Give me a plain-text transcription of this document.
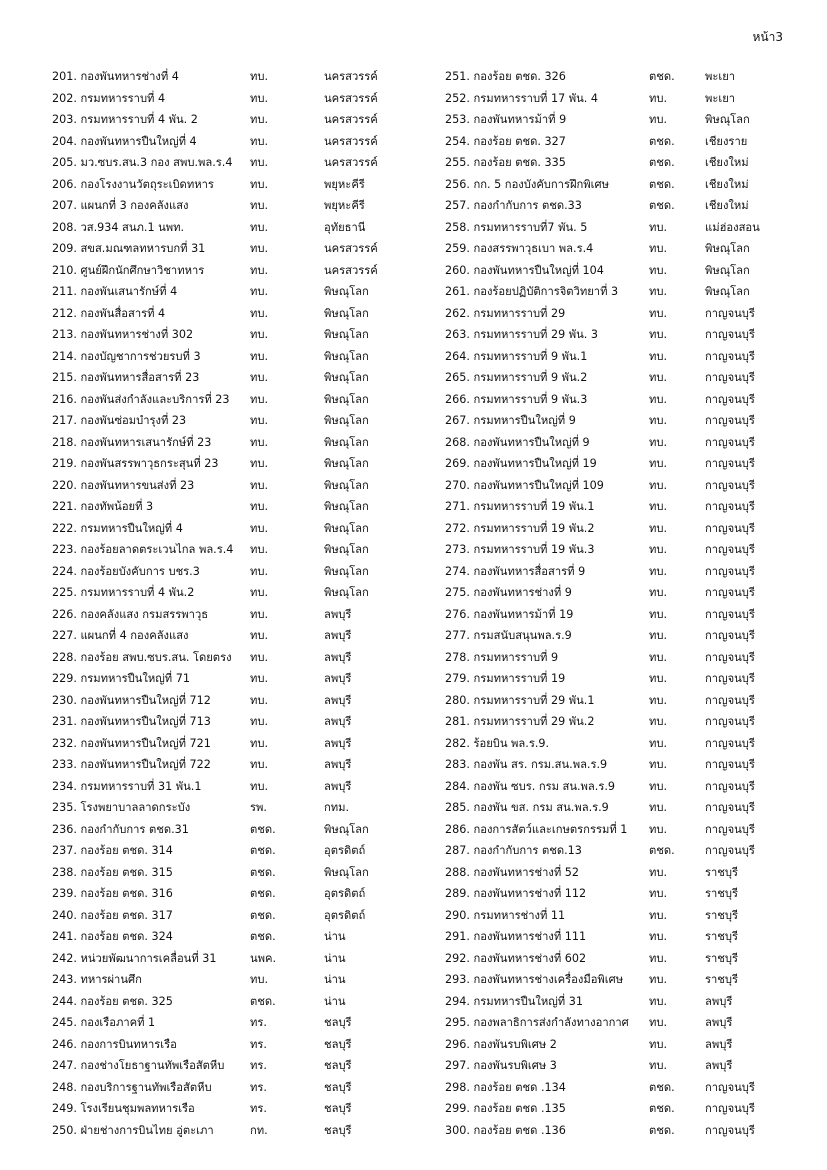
หน้า3
201. กองพันทหารช่างที่ 4	ทบ.	นครสวรรค์
202. กรมทหารราบที่ 4	ทบ.	นครสวรรค์
203. กรมทหารราบที่ 4 พัน. 2	ทบ.	นครสวรรค์
204. กองพันทหารปืนใหญ่ที่ 4	ทบ.	นครสวรรค์
205. มว.ซบร.สน.3 กอง สพบ.พล.ร.4	ทบ.	นครสวรรค์
206. กองโรงงานวัตถุระเบิดทหาร	ทบ.	พยุหะคีรี
207. แผนกที่ 3 กองคลังแสง	ทบ.	พยุหะคีรี
208. วส.934 สนภ.1 นพท.	ทบ.	อุทัยธานี
209. สขส.มณฑลทหารบกที่ 31	ทบ.	นครสวรรค์
210. ศูนย์ฝึกนักศึกษาวิชาทหาร	ทบ.	นครสวรรค์
211. กองพันเสนารักษ์ที่ 4	ทบ.	พิษณุโลก
212. กองพันสื่อสารที่ 4	ทบ.	พิษณุโลก
213. กองพันทหารช่างที่ 302	ทบ.	พิษณุโลก
214. กองบัญชาการช่วยรบที่ 3	ทบ.	พิษณุโลก
215. กองพันทหารสื่อสารที่ 23	ทบ.	พิษณุโลก
216. กองพันส่งกำลังและบริการที่ 23	ทบ.	พิษณุโลก
217. กองพันซ่อมบำรุงที่ 23	ทบ.	พิษณุโลก
218. กองพันทหารเสนารักษ์ที่ 23	ทบ.	พิษณุโลก
219. กองพันสรรพาวุธกระสุนที่ 23	ทบ.	พิษณุโลก
220. กองพันทหารขนส่งที่ 23	ทบ.	พิษณุโลก
221. กองทัพน้อยที่ 3	ทบ.	พิษณุโลก
222. กรมทหารปืนใหญ่ที่ 4	ทบ.	พิษณุโลก
223. กองร้อยลาดตระเวนไกล พล.ร.4	ทบ.	พิษณุโลก
224. กองร้อยบังคับการ บชร.3	ทบ.	พิษณุโลก
225. กรมทหารราบที่ 4 พัน.2	ทบ.	พิษณุโลก
226. กองคลังแสง กรมสรรพาวุธ	ทบ.	ลพบุรี
227. แผนกที่ 4 กองคลังแสง	ทบ.	ลพบุรี
228. กองร้อย สพบ.ซบร.สน. โดยตรง	ทบ.	ลพบุรี
229. กรมทหารปืนใหญ่ที่ 71	ทบ.	ลพบุรี
230. กองพันทหารปืนใหญ่ที่ 712	ทบ.	ลพบุรี
231. กองพันทหารปืนใหญ่ที่ 713	ทบ.	ลพบุรี
232. กองพันทหารปืนใหญ่ที่ 721	ทบ.	ลพบุรี
233. กองพันทหารปืนใหญ่ที่ 722	ทบ.	ลพบุรี
234. กรมทหารราบที่ 31 พัน.1	ทบ.	ลพบุรี
235. โรงพยาบาลลาดกระบัง	รพ.	กทม.
236. กองกำกับการ ตชด.31	ตชด.	พิษณุโลก
237. กองร้อย ตชด. 314	ตชด.	อุตรดิตถ์
238. กองร้อย ตชด. 315	ตชด.	พิษณุโลก
239. กองร้อย ตชด. 316	ตชด.	อุตรดิตถ์
240. กองร้อย ตชด. 317	ตชด.	อุตรดิตถ์
241. กองร้อย ตชด. 324	ตชด.	น่าน
242. หน่วยพัฒนาการเคลื่อนที่ 31	นพค.	น่าน
243. ทหารผ่านศึก	ทบ.	น่าน
244. กองร้อย ตชด. 325	ตชด.	น่าน
245. กองเรือภาคที่ 1	ทร.	ชลบุรี
246. กองการบินทหารเรือ	ทร.	ชลบุรี
247. กองช่างโยธาฐานทัพเรือสัตหีบ	ทร.	ชลบุรี
248. กองบริการฐานทัพเรือสัตหีบ	ทร.	ชลบุรี
249. โรงเรียนชุมพลทหารเรือ	ทร.	ชลบุรี
250. ฝ่ายช่างการบินไทย อู่ตะเภา	กท.	ชลบุรี
251. กองร้อย ตชด. 326	ตชด.	พะเยา
252. กรมทหารราบที่ 17 พัน. 4	ทบ.	พะเยา
253. กองพันทหารม้าที่ 9	ทบ.	พิษณุโลก
254. กองร้อย ตชด. 327	ตชด.	เชียงราย
255. กองร้อย ตชด. 335	ตชด.	เชียงใหม่
256. กก. 5 กองบังคับการฝึกพิเศษ	ตชด.	เชียงใหม่
257. กองกำกับการ ตชด.33	ตชด.	เชียงใหม่
258. กรมทหารราบที่7 พัน. 5	ทบ.	แม่ฮ่องสอน
259. กองสรรพาวุธเบา พล.ร.4	ทบ.	พิษณุโลก
260. กองพันทหารปืนใหญ่ที่ 104	ทบ.	พิษณุโลก
261. กองร้อยปฏิบัติการจิตวิทยาที่ 3	ทบ.	พิษณุโลก
262. กรมทหารราบที่ 29	ทบ.	กาญจนบุรี
263. กรมทหารราบที่ 29 พัน. 3	ทบ.	กาญจนบุรี
264. กรมทหารราบที่ 9 พัน.1	ทบ.	กาญจนบุรี
265. กรมทหารราบที่ 9 พัน.2	ทบ.	กาญจนบุรี
266. กรมทหารราบที่ 9 พัน.3	ทบ.	กาญจนบุรี
267. กรมทหารปืนใหญ่ที่ 9	ทบ.	กาญจนบุรี
268. กองพันทหารปืนใหญ่ที่ 9	ทบ.	กาญจนบุรี
269. กองพันทหารปืนใหญ่ที่ 19	ทบ.	กาญจนบุรี
270. กองพันทหารปืนใหญ่ที่ 109	ทบ.	กาญจนบุรี
271. กรมทหารราบที่ 19 พัน.1	ทบ.	กาญจนบุรี
272. กรมทหารราบที่ 19 พัน.2	ทบ.	กาญจนบุรี
273. กรมทหารราบที่ 19 พัน.3	ทบ.	กาญจนบุรี
274. กองพันทหารสื่อสารที่ 9	ทบ.	กาญจนบุรี
275. กองพันทหารช่างที่ 9	ทบ.	กาญจนบุรี
276. กองพันทหารม้าที่ 19	ทบ.	กาญจนบุรี
277. กรมสนับสนุนพล.ร.9	ทบ.	กาญจนบุรี
278. กรมทหารราบที่ 9	ทบ.	กาญจนบุรี
279. กรมทหารราบที่ 19	ทบ.	กาญจนบุรี
280. กรมทหารราบที่ 29 พัน.1	ทบ.	กาญจนบุรี
281. กรมทหารราบที่ 29 พัน.2	ทบ.	กาญจนบุรี
282. ร้อยบิน พล.ร.9.	ทบ.	กาญจนบุรี
283. กองพัน สร. กรม.สน.พล.ร.9	ทบ.	กาญจนบุรี
284. กองพัน ซบร. กรม สน.พล.ร.9	ทบ.	กาญจนบุรี
285. กองพัน ขส. กรม สน.พล.ร.9	ทบ.	กาญจนบุรี
286. กองการสัตว์และเกษตรกรรมที่ 1	ทบ.	กาญจนบุรี
287. กองกำกับการ ตชด.13	ตชด.	กาญจนบุรี
288. กองพันทหารช่างที่ 52	ทบ.	ราชบุรี
289. กองพันทหารช่างที่ 112	ทบ.	ราชบุรี
290. กรมทหารช่างที่ 11	ทบ.	ราชบุรี
291. กองพันทหารช่างที่ 111	ทบ.	ราชบุรี
292. กองพันทหารช่างที่ 602	ทบ.	ราชบุรี
293. กองพันทหารช่างเครื่องมือพิเศษ	ทบ.	ราชบุรี
294. กรมทหารปืนใหญ่ที่ 31	ทบ.	ลพบุรี
295. กองพลาธิการส่งกำลังทางอากาศ	ทบ.	ลพบุรี
296. กองพันรบพิเศษ 2	ทบ.	ลพบุรี
297. กองพันรบพิเศษ 3	ทบ.	ลพบุรี
298. กองร้อย ตชด .134	ตชด.	กาญจนบุรี
299. กองร้อย ตชด .135	ตชด.	กาญจนบุรี
300. กองร้อย ตชด .136	ตชด.	กาญจนบุรี
